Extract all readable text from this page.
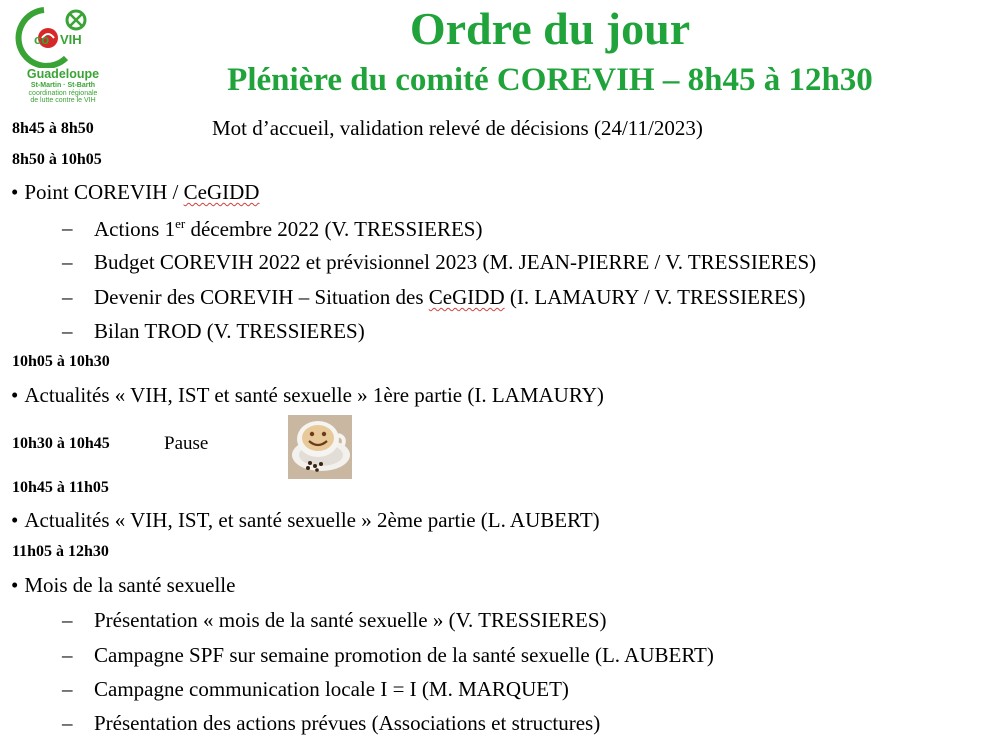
co VIH
Guadeloupe
St-Martin · St-Barth
coordination régionale
de lutte contre le VIH
Ordre du jour
Plénière du comité COREVIH – 8h45 à 12h30
8h45 à 8h50	Mot d’accueil, validation relevé de décisions (24/11/2023)
8h50 à 10h05
• Point COREVIH / CeGIDD
– Actions 1er décembre 2022 (V. TRESSIERES)
– Budget COREVIH 2022 et prévisionnel 2023 (M. JEAN-PIERRE / V. TRESSIERES)
– Devenir des COREVIH – Situation des CeGIDD (I. LAMAURY / V. TRESSIERES)
– Bilan TROD (V. TRESSIERES)
10h05 à 10h30
• Actualités « VIH, IST et santé sexuelle » 1ère partie (I. LAMAURY)
10h30 à 10h45	Pause
10h45 à 11h05
• Actualités « VIH, IST, et santé sexuelle » 2ème partie (L. AUBERT)
11h05 à 12h30
• Mois de la santé sexuelle
– Présentation « mois de la santé sexuelle » (V. TRESSIERES)
– Campagne SPF sur semaine promotion de la santé sexuelle (L. AUBERT)
– Campagne communication locale I = I (M. MARQUET)
– Présentation des actions prévues (Associations et structures)
